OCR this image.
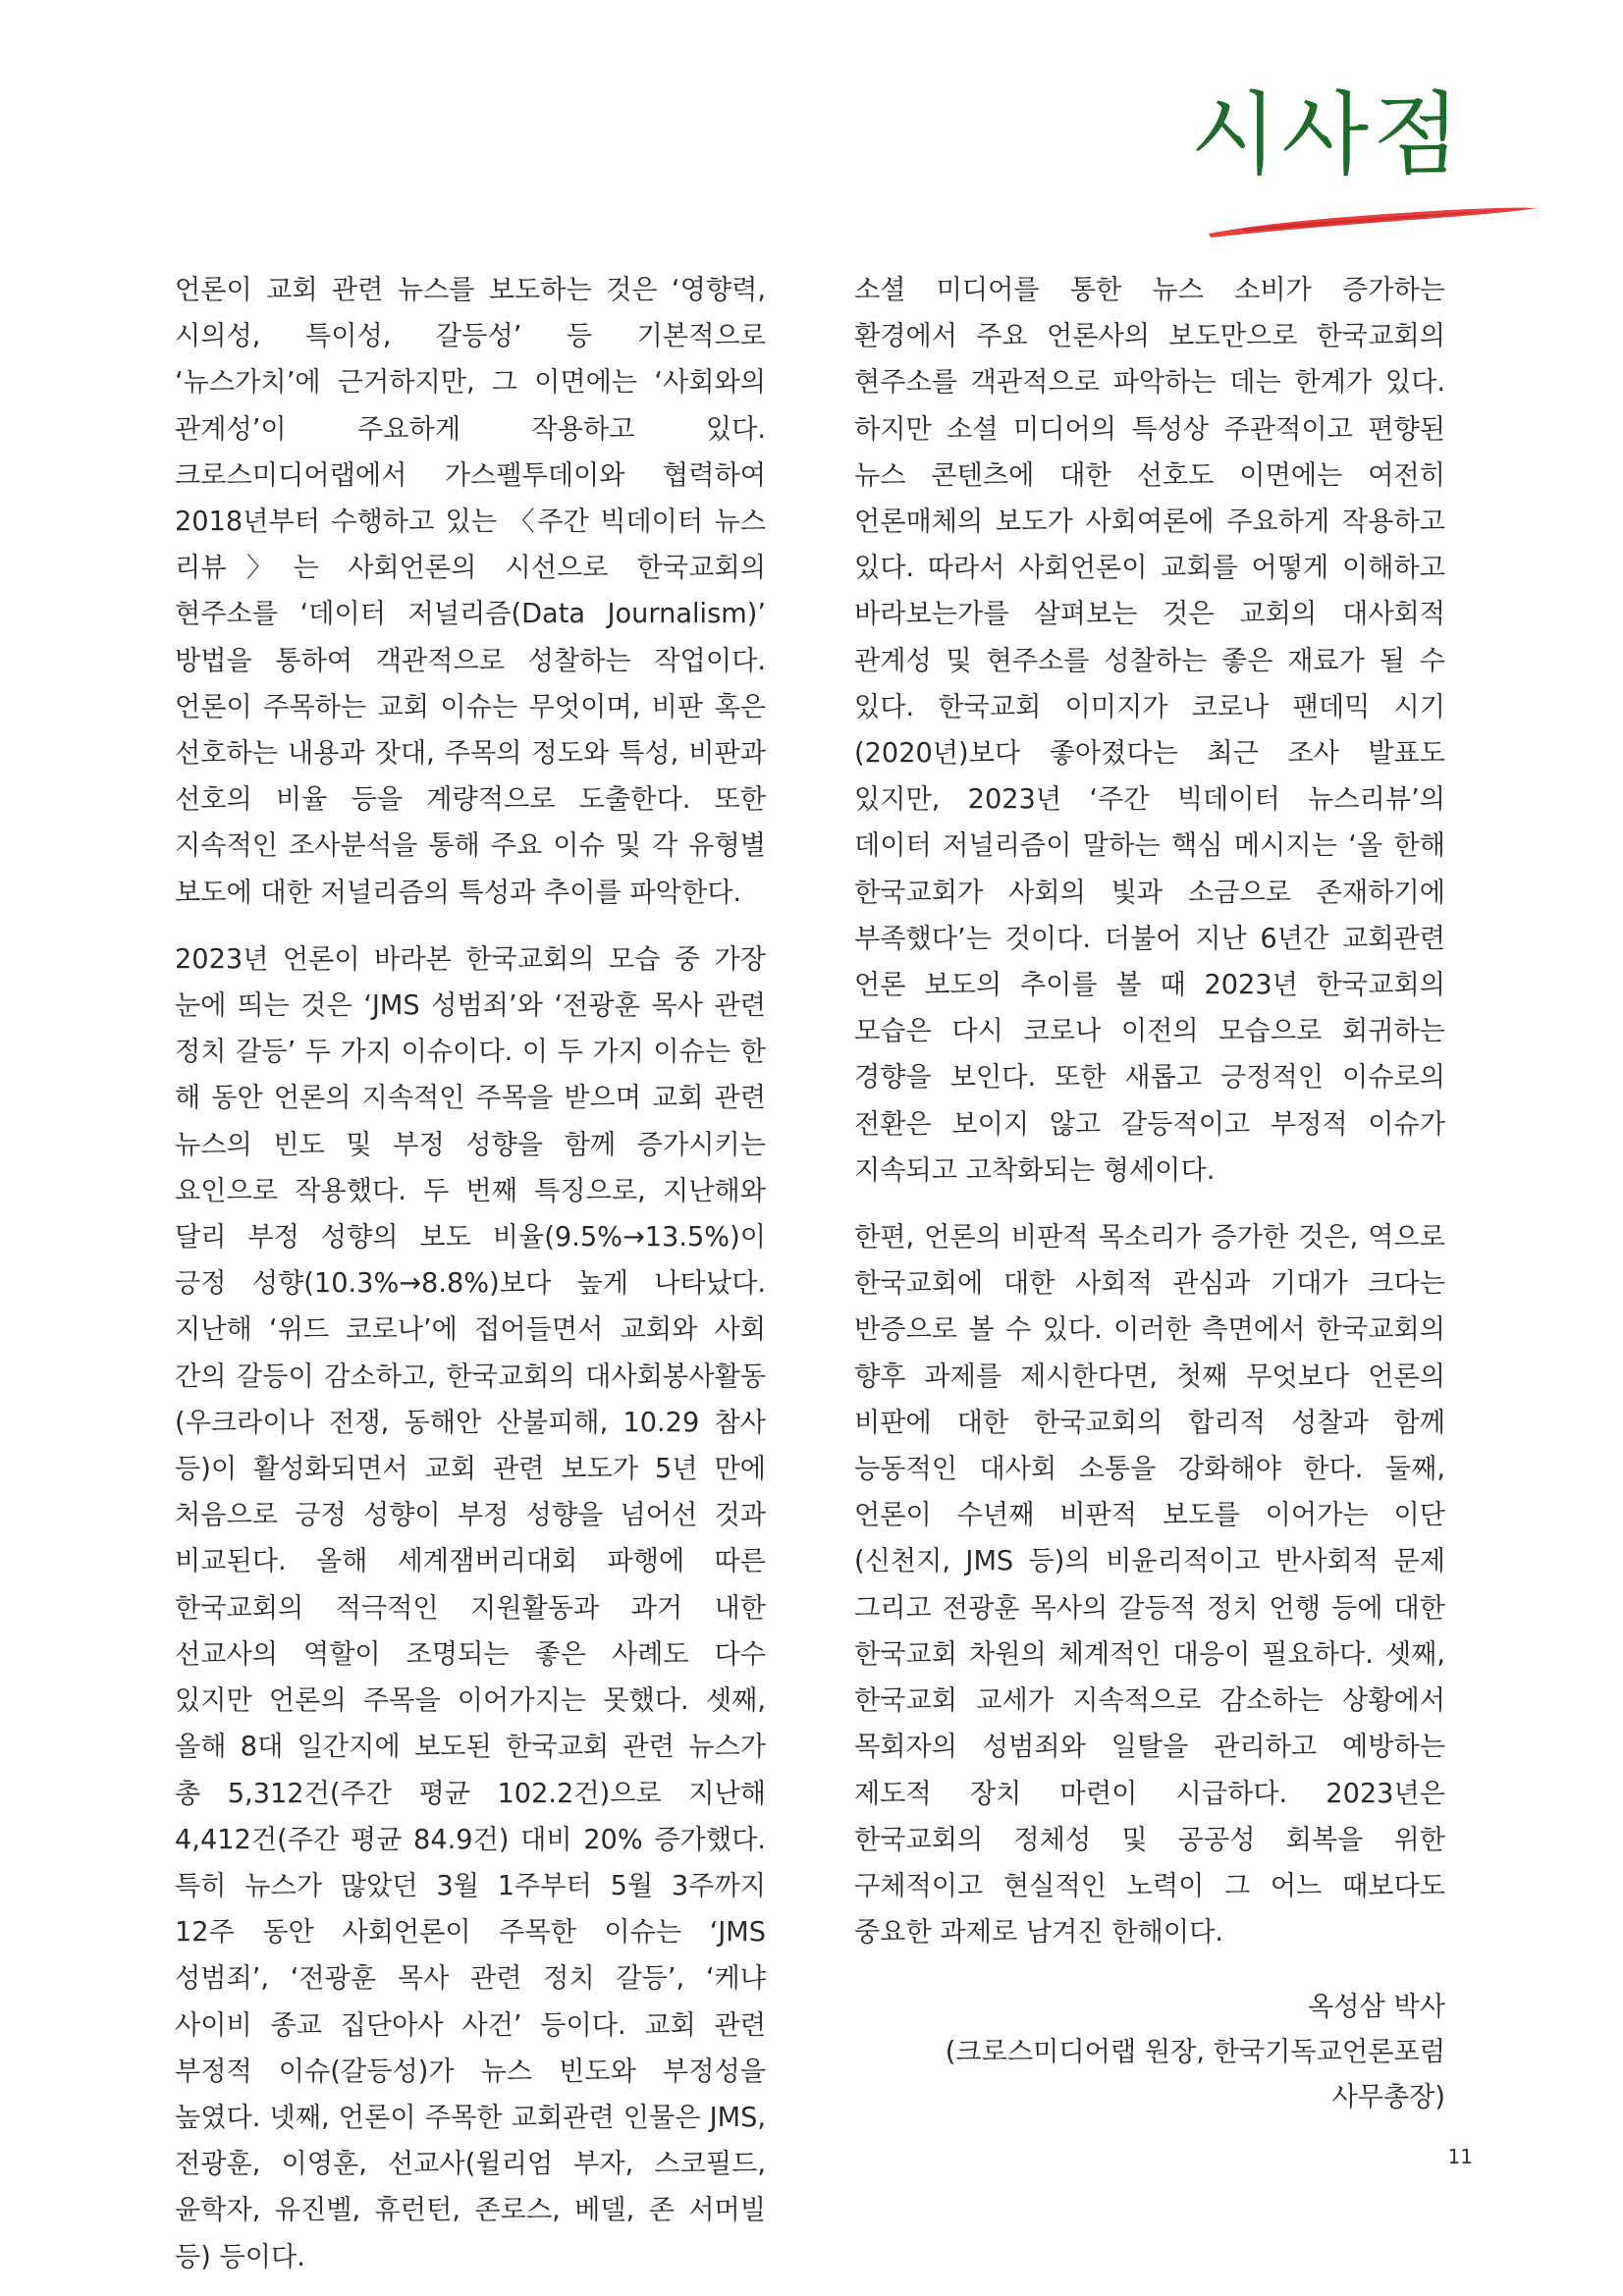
시사점

언론이 교회 관련 뉴스를 보도하는 것은 ‘영향력, 시의성, 특이성, 갈등성’ 등 기본적으로 ‘뉴스가치’에 근거하지만, 그 이면에는 ‘사회와의 관계성’이 주요하게 작용하고 있다. 크로스미디어랩에서 가스펠투데이와 협력하여 2018년부터 수행하고 있는 〈주간 빅데이터 뉴스 리뷰〉는 사회언론의 시선으로 한국교회의 현주소를 ‘데이터 저널리즘(Data Journalism)’ 방법을 통하여 객관적으로 성찰하는 작업이다. 언론이 주목하는 교회 이슈는 무엇이며, 비판 혹은 선호하는 내용과 잣대, 주목의 정도와 특성, 비판과 선호의 비율 등을 계량적으로 도출한다. 또한 지속적인 조사분석을 통해 주요 이슈 및 각 유형별 보도에 대한 저널리즘의 특성과 추이를 파악한다.

2023년 언론이 바라본 한국교회의 모습 중 가장 눈에 띄는 것은 ‘JMS 성범죄’와 ‘전광훈 목사 관련 정치 갈등’ 두 가지 이슈이다. 이 두 가지 이슈는 한 해 동안 언론의 지속적인 주목을 받으며 교회 관련 뉴스의 빈도 및 부정 성향을 함께 증가시키는 요인으로 작용했다. 두 번째 특징으로, 지난해와 달리 부정 성향의 보도 비율(9.5%→13.5%)이 긍정 성향(10.3%→8.8%)보다 높게 나타났다. 지난해 ‘위드 코로나’에 접어들면서 교회와 사회 간의 갈등이 감소하고, 한국교회의 대사회봉사활동(우크라이나 전쟁, 동해안 산불피해, 10.29 참사 등)이 활성화되면서 교회 관련 보도가 5년 만에 처음으로 긍정 성향이 부정 성향을 넘어선 것과 비교된다. 올해 세계잼버리대회 파행에 따른 한국교회의 적극적인 지원활동과 과거 내한 선교사의 역할이 조명되는 좋은 사례도 다수 있지만 언론의 주목을 이어가지는 못했다. 셋째, 올해 8대 일간지에 보도된 한국교회 관련 뉴스가 총 5,312건(주간 평균 102.2건)으로 지난해 4,412건(주간 평균 84.9건) 대비 20% 증가했다. 특히 뉴스가 많았던 3월 1주부터 5월 3주까지 12주 동안 사회언론이 주목한 이슈는 ‘JMS 성범죄’, ‘전광훈 목사 관련 정치 갈등’, ‘케냐 사이비 종교 집단아사 사건’ 등이다. 교회 관련 부정적 이슈(갈등성)가 뉴스 빈도와 부정성을 높였다. 넷째, 언론이 주목한 교회관련 인물은 JMS, 전광훈, 이영훈, 선교사(윌리엄 부자, 스코필드, 윤학자, 유진벨, 휴런턴, 존로스, 베델, 존 서머빌 등) 등이다.

소셜 미디어를 통한 뉴스 소비가 증가하는 환경에서 주요 언론사의 보도만으로 한국교회의 현주소를 객관적으로 파악하는 데는 한계가 있다. 하지만 소셜 미디어의 특성상 주관적이고 편향된 뉴스 콘텐츠에 대한 선호도 이면에는 여전히 언론매체의 보도가 사회여론에 주요하게 작용하고 있다. 따라서 사회언론이 교회를 어떻게 이해하고 바라보는가를 살펴보는 것은 교회의 대사회적 관계성 및 현주소를 성찰하는 좋은 재료가 될 수 있다. 한국교회 이미지가 코로나 팬데믹 시기(2020년)보다 좋아졌다는 최근 조사 발표도 있지만, 2023년 ‘주간 빅데이터 뉴스리뷰’의 데이터 저널리즘이 말하는 핵심 메시지는 ‘올 한해 한국교회가 사회의 빛과 소금으로 존재하기에 부족했다’는 것이다. 더불어 지난 6년간 교회관련 언론 보도의 추이를 볼 때 2023년 한국교회의 모습은 다시 코로나 이전의 모습으로 회귀하는 경향을 보인다. 또한 새롭고 긍정적인 이슈로의 전환은 보이지 않고 갈등적이고 부정적 이슈가 지속되고 고착화되는 형세이다.

한편, 언론의 비판적 목소리가 증가한 것은, 역으로 한국교회에 대한 사회적 관심과 기대가 크다는 반증으로 볼 수 있다. 이러한 측면에서 한국교회의 향후 과제를 제시한다면, 첫째 무엇보다 언론의 비판에 대한 한국교회의 합리적 성찰과 함께 능동적인 대사회 소통을 강화해야 한다. 둘째, 언론이 수년째 비판적 보도를 이어가는 이단(신천지, JMS 등)의 비윤리적이고 반사회적 문제 그리고 전광훈 목사의 갈등적 정치 언행 등에 대한 한국교회 차원의 체계적인 대응이 필요하다. 셋째, 한국교회 교세가 지속적으로 감소하는 상황에서 목회자의 성범죄와 일탈을 관리하고 예방하는 제도적 장치 마련이 시급하다. 2023년은 한국교회의 정체성 및 공공성 회복을 위한 구체적이고 현실적인 노력이 그 어느 때보다도 중요한 과제로 남겨진 한해이다.

옥성삼 박사
(크로스미디어랩 원장, 한국기독교언론포럼 사무총장)
11
